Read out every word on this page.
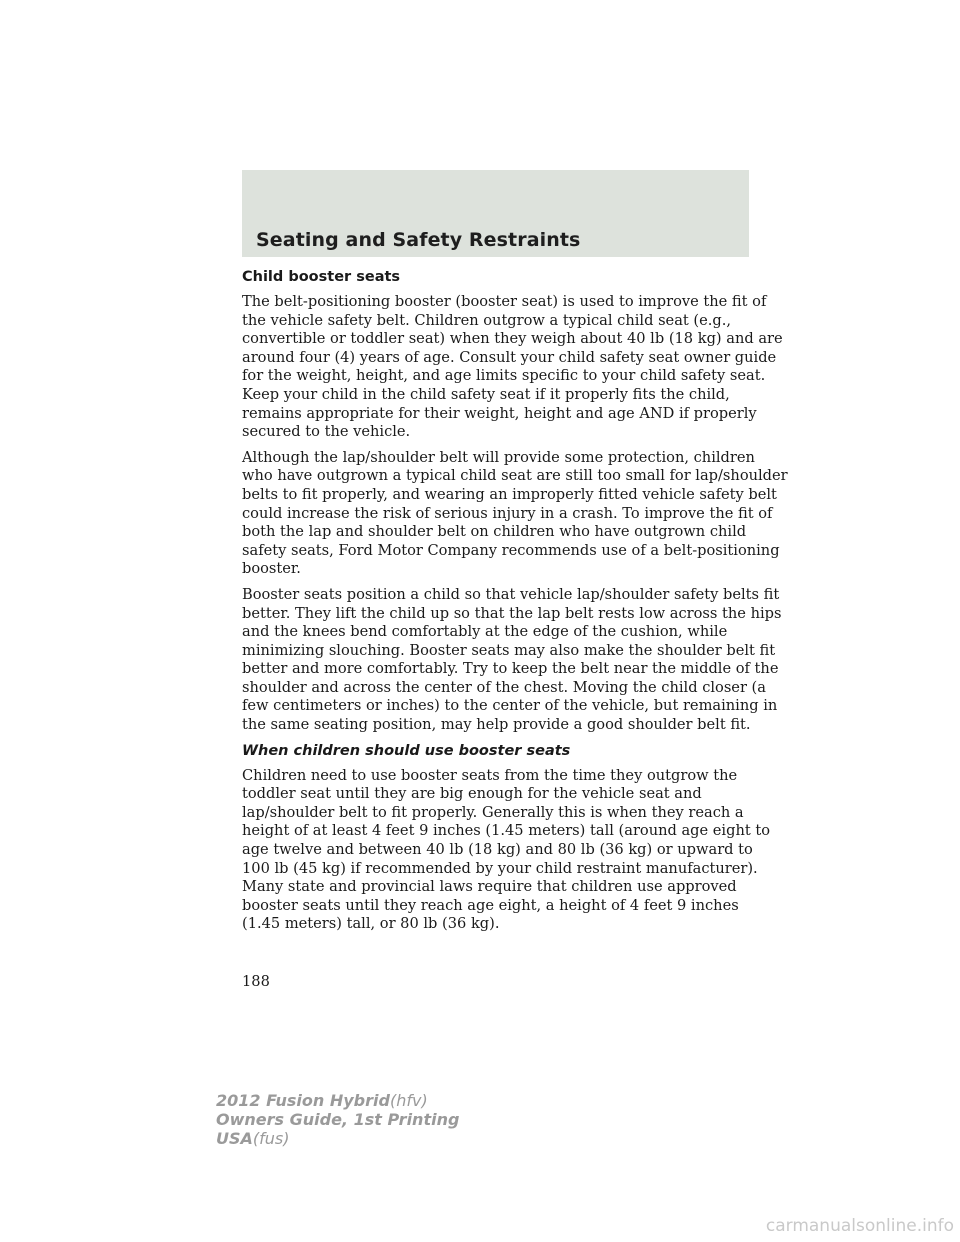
Seating and Safety Restraints
Child booster seats
The belt-positioning booster (booster seat) is used to improve the fit of
the vehicle safety belt. Children outgrow a typical child seat (e.g.,
convertible or toddler seat) when they weigh about 40 lb (18 kg) and are
around four (4) years of age. Consult your child safety seat owner guide
for the weight, height, and age limits specific to your child safety seat.
Keep your child in the child safety seat if it properly fits the child,
remains appropriate for their weight, height and age AND if properly
secured to the vehicle.
Although the lap/shoulder belt will provide some protection, children
who have outgrown a typical child seat are still too small for lap/shoulder
belts to fit properly, and wearing an improperly fitted vehicle safety belt
could increase the risk of serious injury in a crash. To improve the fit of
both the lap and shoulder belt on children who have outgrown child
safety seats, Ford Motor Company recommends use of a belt-positioning
booster.
Booster seats position a child so that vehicle lap/shoulder safety belts fit
better. They lift the child up so that the lap belt rests low across the hips
and the knees bend comfortably at the edge of the cushion, while
minimizing slouching. Booster seats may also make the shoulder belt fit
better and more comfortably. Try to keep the belt near the middle of the
shoulder and across the center of the chest. Moving the child closer (a
few centimeters or inches) to the center of the vehicle, but remaining in
the same seating position, may help provide a good shoulder belt fit.
When children should use booster seats
Children need to use booster seats from the time they outgrow the
toddler seat until they are big enough for the vehicle seat and
lap/shoulder belt to fit properly. Generally this is when they reach a
height of at least 4 feet 9 inches (1.45 meters) tall (around age eight to
age twelve and between 40 lb (18 kg) and 80 lb (36 kg) or upward to
100 lb (45 kg) if recommended by your child restraint manufacturer).
Many state and provincial laws require that children use approved
booster seats until they reach age eight, a height of 4 feet 9 inches
(1.45 meters) tall, or 80 lb (36 kg).
188
2012 Fusion Hybrid(hfv)
Owners Guide, 1st Printing
USA(fus)
carmanualsonline.info
